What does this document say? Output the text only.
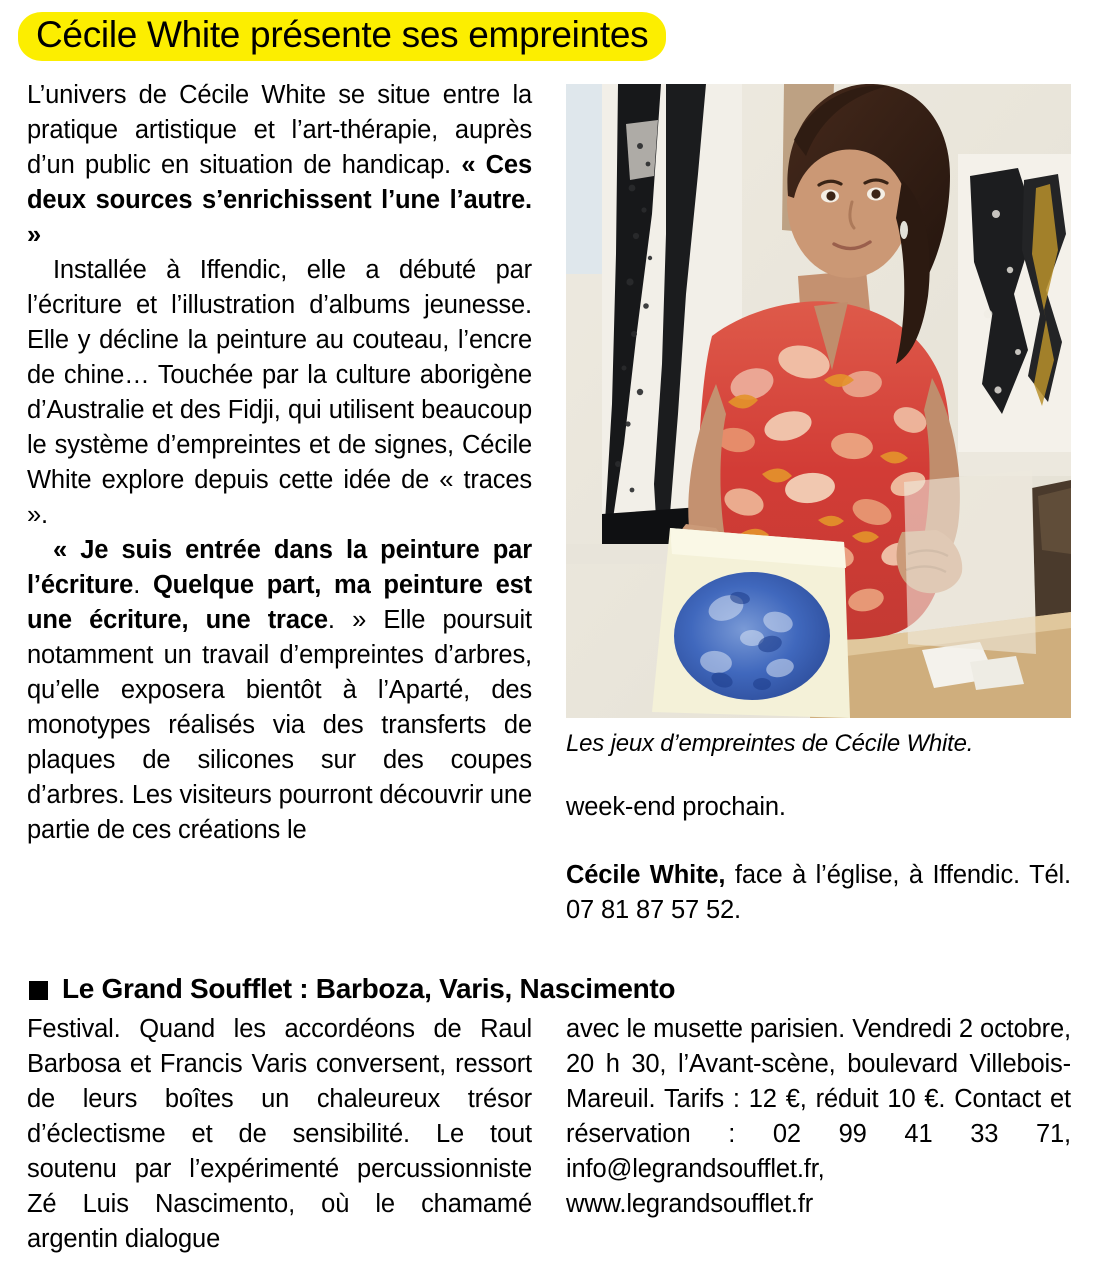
Cécile White présente ses empreintes

L’univers de Cécile White se situe entre la pratique artistique et l’art-thérapie, auprès d’un public en situation de handicap. « Ces deux sources s’enrichissent l’une l’autre. »

Installée à Iffendic, elle a débuté par l’écriture et l’illustration d’albums jeunesse. Elle y décline la peinture au couteau, l’encre de chine… Touchée par la culture aborigène d’Australie et des Fidji, qui utilisent beaucoup le système d’empreintes et de signes, Cécile White explore depuis cette idée de « traces ».

« Je suis entrée dans la peinture par l’écriture. Quelque part, ma peinture est une écriture, une trace. » Elle poursuit notamment un travail d’empreintes d’arbres, qu’elle exposera bientôt à l’Aparté, des monotypes réalisés via des transferts de plaques de silicones sur des coupes d’arbres. Les visiteurs pourront découvrir une partie de ces créations le

Les jeux d’empreintes de Cécile White.

week-end prochain.

Cécile White, face à l’église, à Iffendic. Tél. 07 81 87 57 52.

Le Grand Soufflet : Barboza, Varis, Nascimento
Festival. Quand les accordéons de Raul Barbosa et Francis Varis conversent, ressort de leurs boîtes un chaleureux trésor d’éclectisme et de sensibilité. Le tout soutenu par l’expérimenté percussionniste Zé Luis Nascimento, où le chamamé argentin dialogue
avec le musette parisien. Vendredi 2 octobre, 20 h 30, l’Avant-scène, boulevard Villebois-Mareuil. Tarifs : 12 €, réduit 10 €. Contact et réservation : 02 99 41 33 71, info@legrandsoufflet.fr, www.legrandsoufflet.fr
